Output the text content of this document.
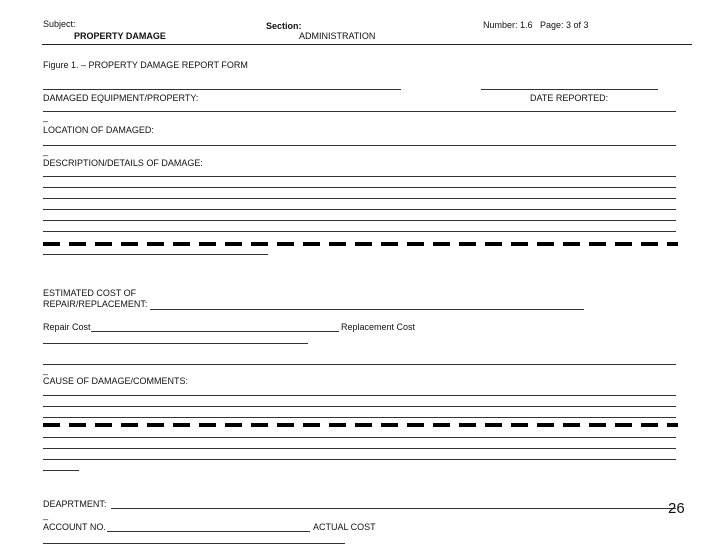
Subject:
PROPERTY DAMAGE
Section:
ADMINISTRATION
Number: 1.6 Page: 3 of 3
Figure 1. – PROPERTY DAMAGE REPORT FORM
DAMAGED EQUIPMENT/PROPERTY:	DATE REPORTED:
_
LOCATION OF DAMAGED:
_
DESCRIPTION/DETAILS OF DAMAGE:
ESTIMATED COST OF
REPAIR/REPLACEMENT:
Repair Cost	Replacement Cost
_
CAUSE OF DAMAGE/COMMENTS:
DEAPRTMENT:
_	26
ACCOUNT NO.	ACTUAL COST
